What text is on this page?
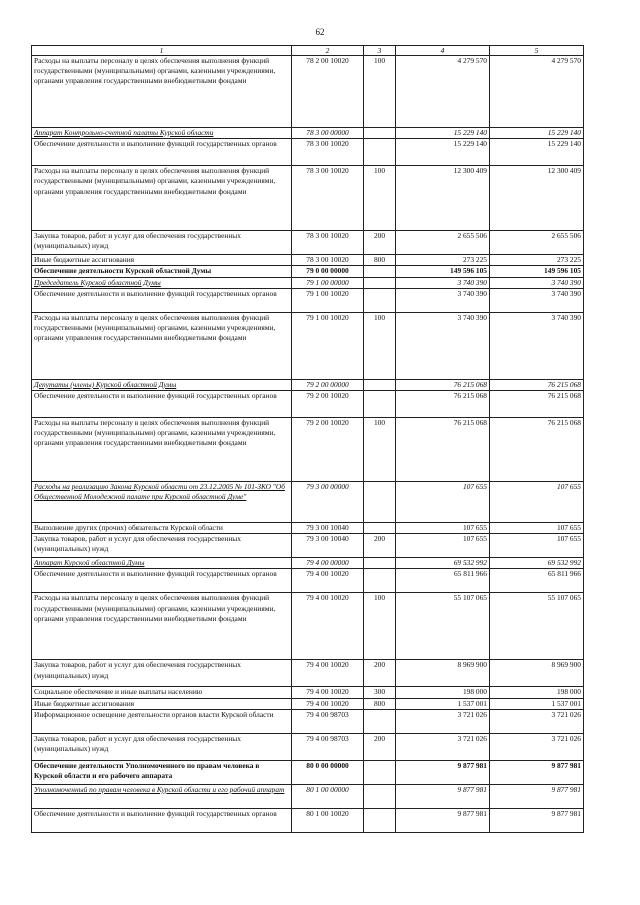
62
1	2	3	4	5
Расходы на выплаты персоналу в целях обеспечения выполнения функций государственными (муниципальными) органами, казенными учреждениями, органами управления государственными внебюджетными фондами	78 2 00 10020	100	4 279 570	4 279 570
Аппарат Контрольно-счетной палаты Курской области	78 3 00 00000		15 229 140	15 229 140
Обеспечение деятельности и выполнение функций государственных органов	78 3 00 10020		15 229 140	15 229 140
Расходы на выплаты персоналу в целях обеспечения выполнения функций государственными (муниципальными) органами, казенными учреждениями, органами управления государственными внебюджетными фондами	78 3 00 10020	100	12 300 409	12 300 409
Закупка товаров, работ и услуг для обеспечения государственных (муниципальных) нужд	78 3 00 10020	200	2 655 506	2 655 506
Иные бюджетные ассигнования	78 3 00 10020	800	273 225	273 225
Обеспечение деятельности Курской областной Думы	79 0 00 00000		149 596 105	149 596 105
Председатель Курской областной Думы	79 1 00 00000		3 740 390	3 740 390
Обеспечение деятельности и выполнение функций государственных органов	79 1 00 10020		3 740 390	3 740 390
Расходы на выплаты персоналу в целях обеспечения выполнения функций государственными (муниципальными) органами, казенными учреждениями, органами управления государственными внебюджетными фондами	79 1 00 10020	100	3 740 390	3 740 390
Депутаты (члены) Курской областной Думы	79 2 00 00000		76 215 068	76 215 068
Обеспечение деятельности и выполнение функций государственных органов	79 2 00 10020		76 215 068	76 215 068
Расходы на выплаты персоналу в целях обеспечения выполнения функций государственными (муниципальными) органами, казенными учреждениями, органами управления государственными внебюджетными фондами	79 2 00 10020	100	76 215 068	76 215 068
Расходы на реализацию Закона Курской области от 23.12.2005 № 101-ЗКО "Об Общественной Молодежной палате при Курской областной Думе"	79 3 00 00000		107 655	107 655
Выполнение других (прочих) обязательств Курской области	79 3 00 10040		107 655	107 655
Закупка товаров, работ и услуг для обеспечения государственных (муниципальных) нужд	79 3 00 10040	200	107 655	107 655
Аппарат Курской областной Думы	79 4 00 00000		69 532 992	69 532 992
Обеспечение деятельности и выполнение функций государственных органов	79 4 00 10020		65 811 966	65 811 966
Расходы на выплаты персоналу в целях обеспечения выполнения функций государственными (муниципальными) органами, казенными учреждениями, органами управления государственными внебюджетными фондами	79 4 00 10020	100	55 107 065	55 107 065
Закупка товаров, работ и услуг для обеспечения государственных (муниципальных) нужд	79 4 00 10020	200	8 969 900	8 969 900
Социальное обеспечение и иные выплаты населению	79 4 00 10020	300	198 000	198 000
Иные бюджетные ассигнования	79 4 00 10020	800	1 537 001	1 537 001
Информационное освещение деятельности органов власти Курской области	79 4 00 98703		3 721 026	3 721 026
Закупка товаров, работ и услуг для обеспечения государственных (муниципальных) нужд	79 4 00 98703	200	3 721 026	3 721 026
Обеспечение деятельности Уполномоченного по правам человека в Курской области и его рабочего аппарата	80 0 00 00000		9 877 981	9 877 981
Уполномоченный по правам человека в Курской области и его рабочий аппарат	80 1 00 00000		9 877 981	9 877 981
Обеспечение деятельности и выполнение функций государственных органов	80 1 00 10020		9 877 981	9 877 981
